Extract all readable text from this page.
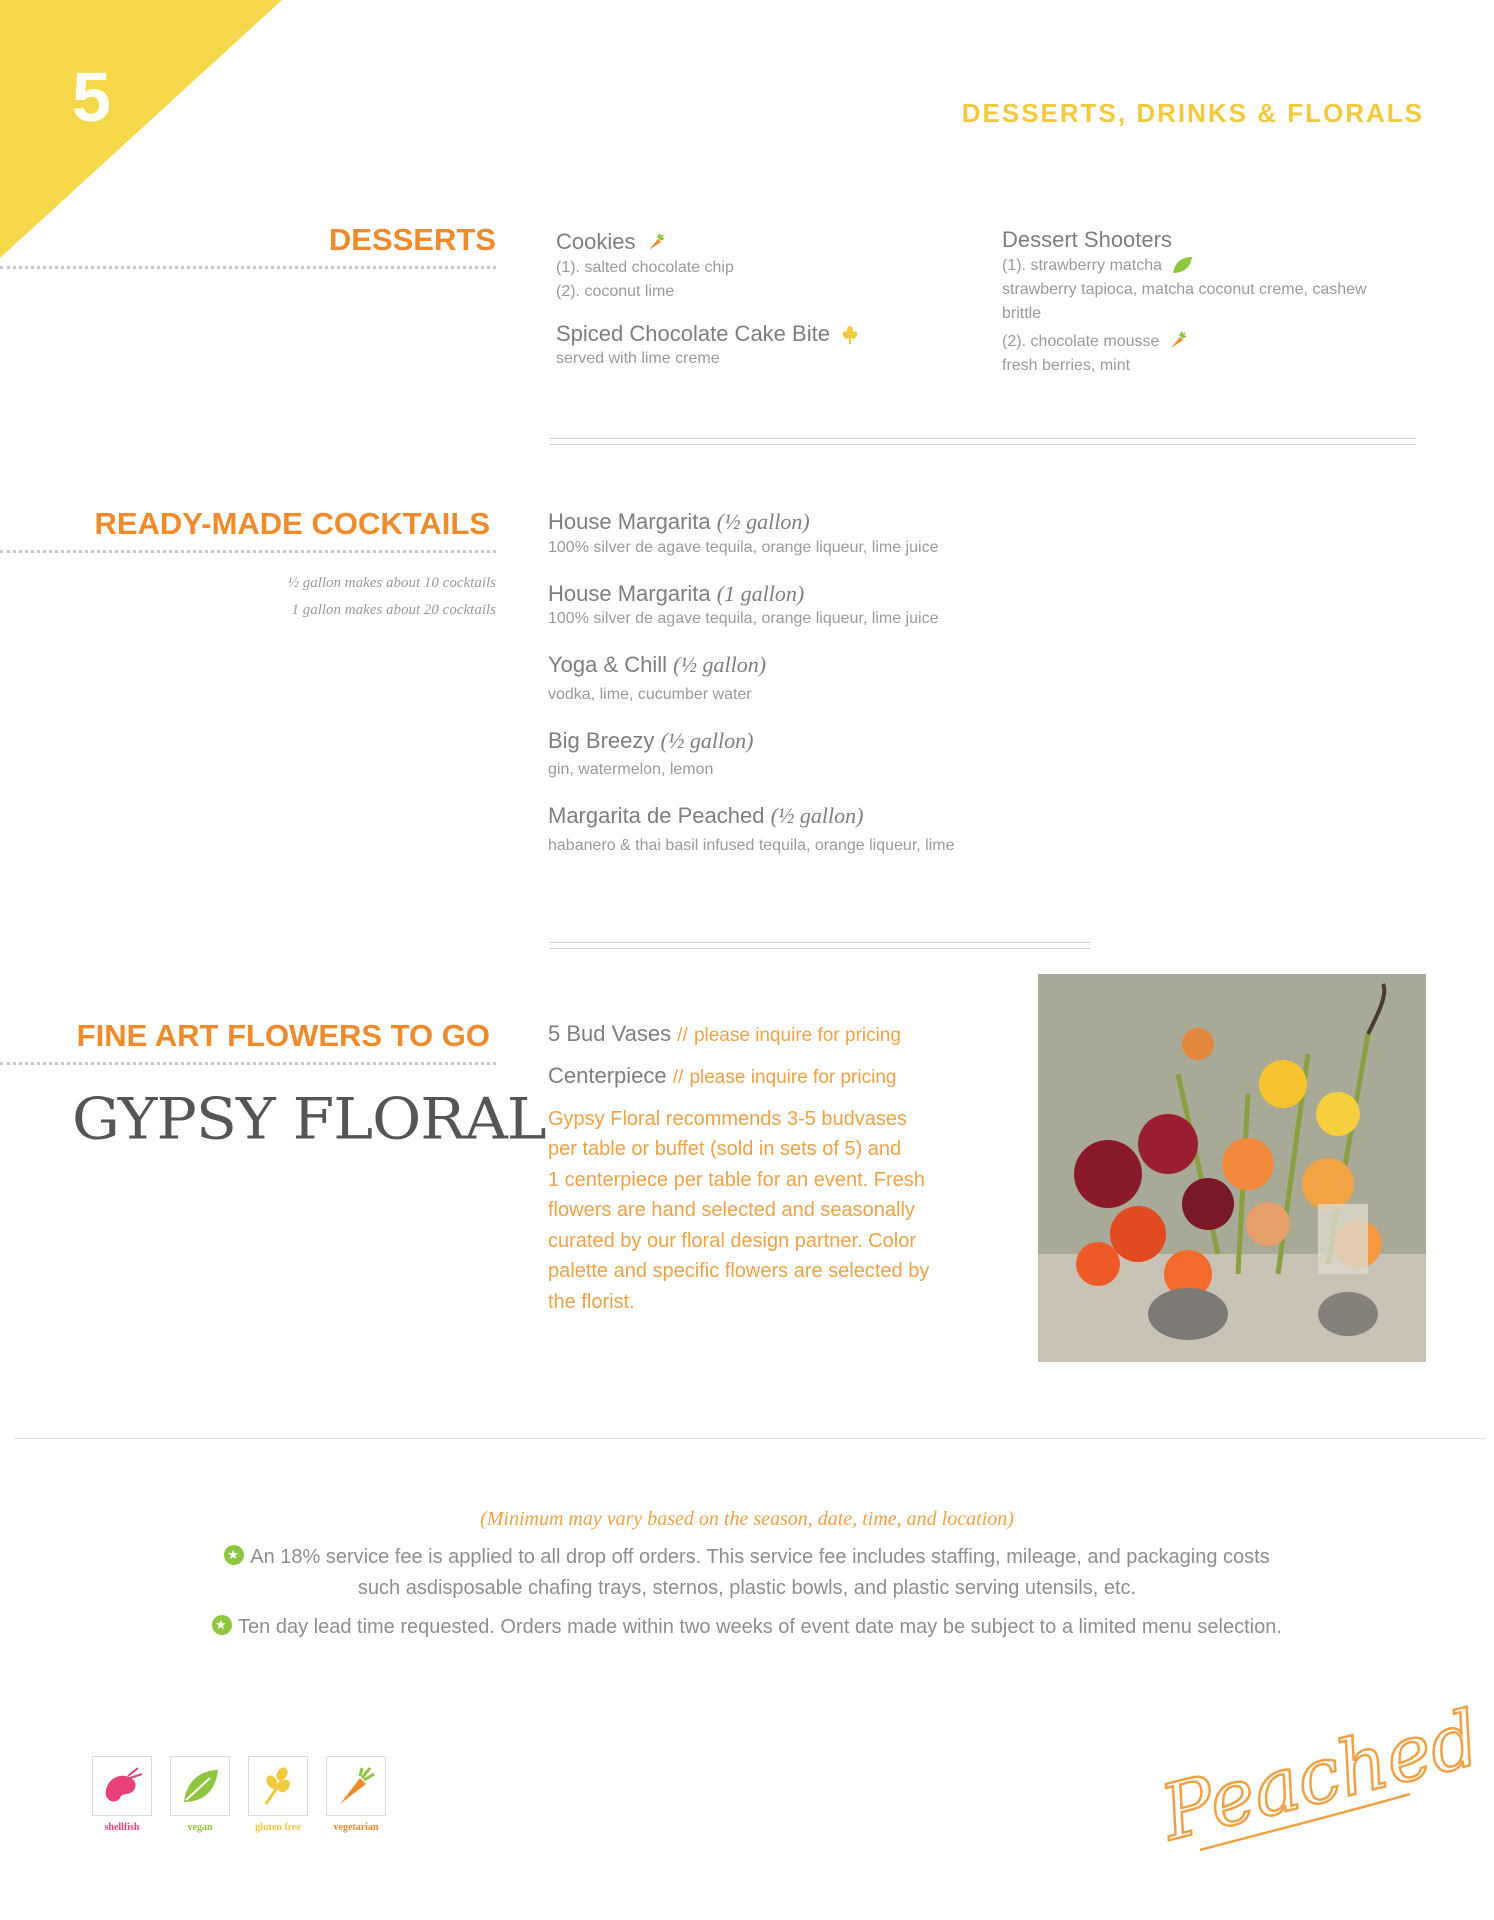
5	DESSERTS, DRINKS & FLORALS
DESSERTS	Cookies
(1). salted chocolate chip
(2). coconut lime
Spiced Chocolate Cake Bite
served with lime creme
Dessert Shooters
(1). strawberry matcha
strawberry tapioca, matcha coconut creme, cashew brittle
(2). chocolate mousse
fresh berries, mint
READY-MADE COCKTAILS
½ gallon makes about 10 cocktails
1 gallon makes about 20 cocktails
House Margarita (½ gallon)
100% silver de agave tequila, orange liqueur, lime juice
House Margarita (1 gallon)
100% silver de agave tequila, orange liqueur, lime juice
Yoga & Chill (½ gallon)
vodka, lime, cucumber water
Big Breezy (½ gallon)
gin, watermelon, lemon
Margarita de Peached (½ gallon)
habanero & thai basil infused tequila, orange liqueur, lime
FINE ART FLOWERS TO GO
GYPSY FLORAL
5 Bud Vases // please inquire for pricing
Centerpiece // please inquire for pricing
Gypsy Floral recommends 3-5 budvases
per table or buffet (sold in sets of 5) and
1 centerpiece per table for an event. Fresh
flowers are hand selected and seasonally
curated by our floral design partner. Color
palette and specific flowers are selected by
the florist.
(Minimum may vary based on the season, date, time, and location)
★An 18% service fee is applied to all drop off orders. This service fee includes staffing, mileage, and packaging costs
such asdisposable chafing trays, sternos, plastic bowls, and plastic serving utensils, etc.
★Ten day lead time requested. Orders made within two weeks of event date may be subject to a limited menu selection.
shellfish	vegan	gluten free	vegetarian	Peached
